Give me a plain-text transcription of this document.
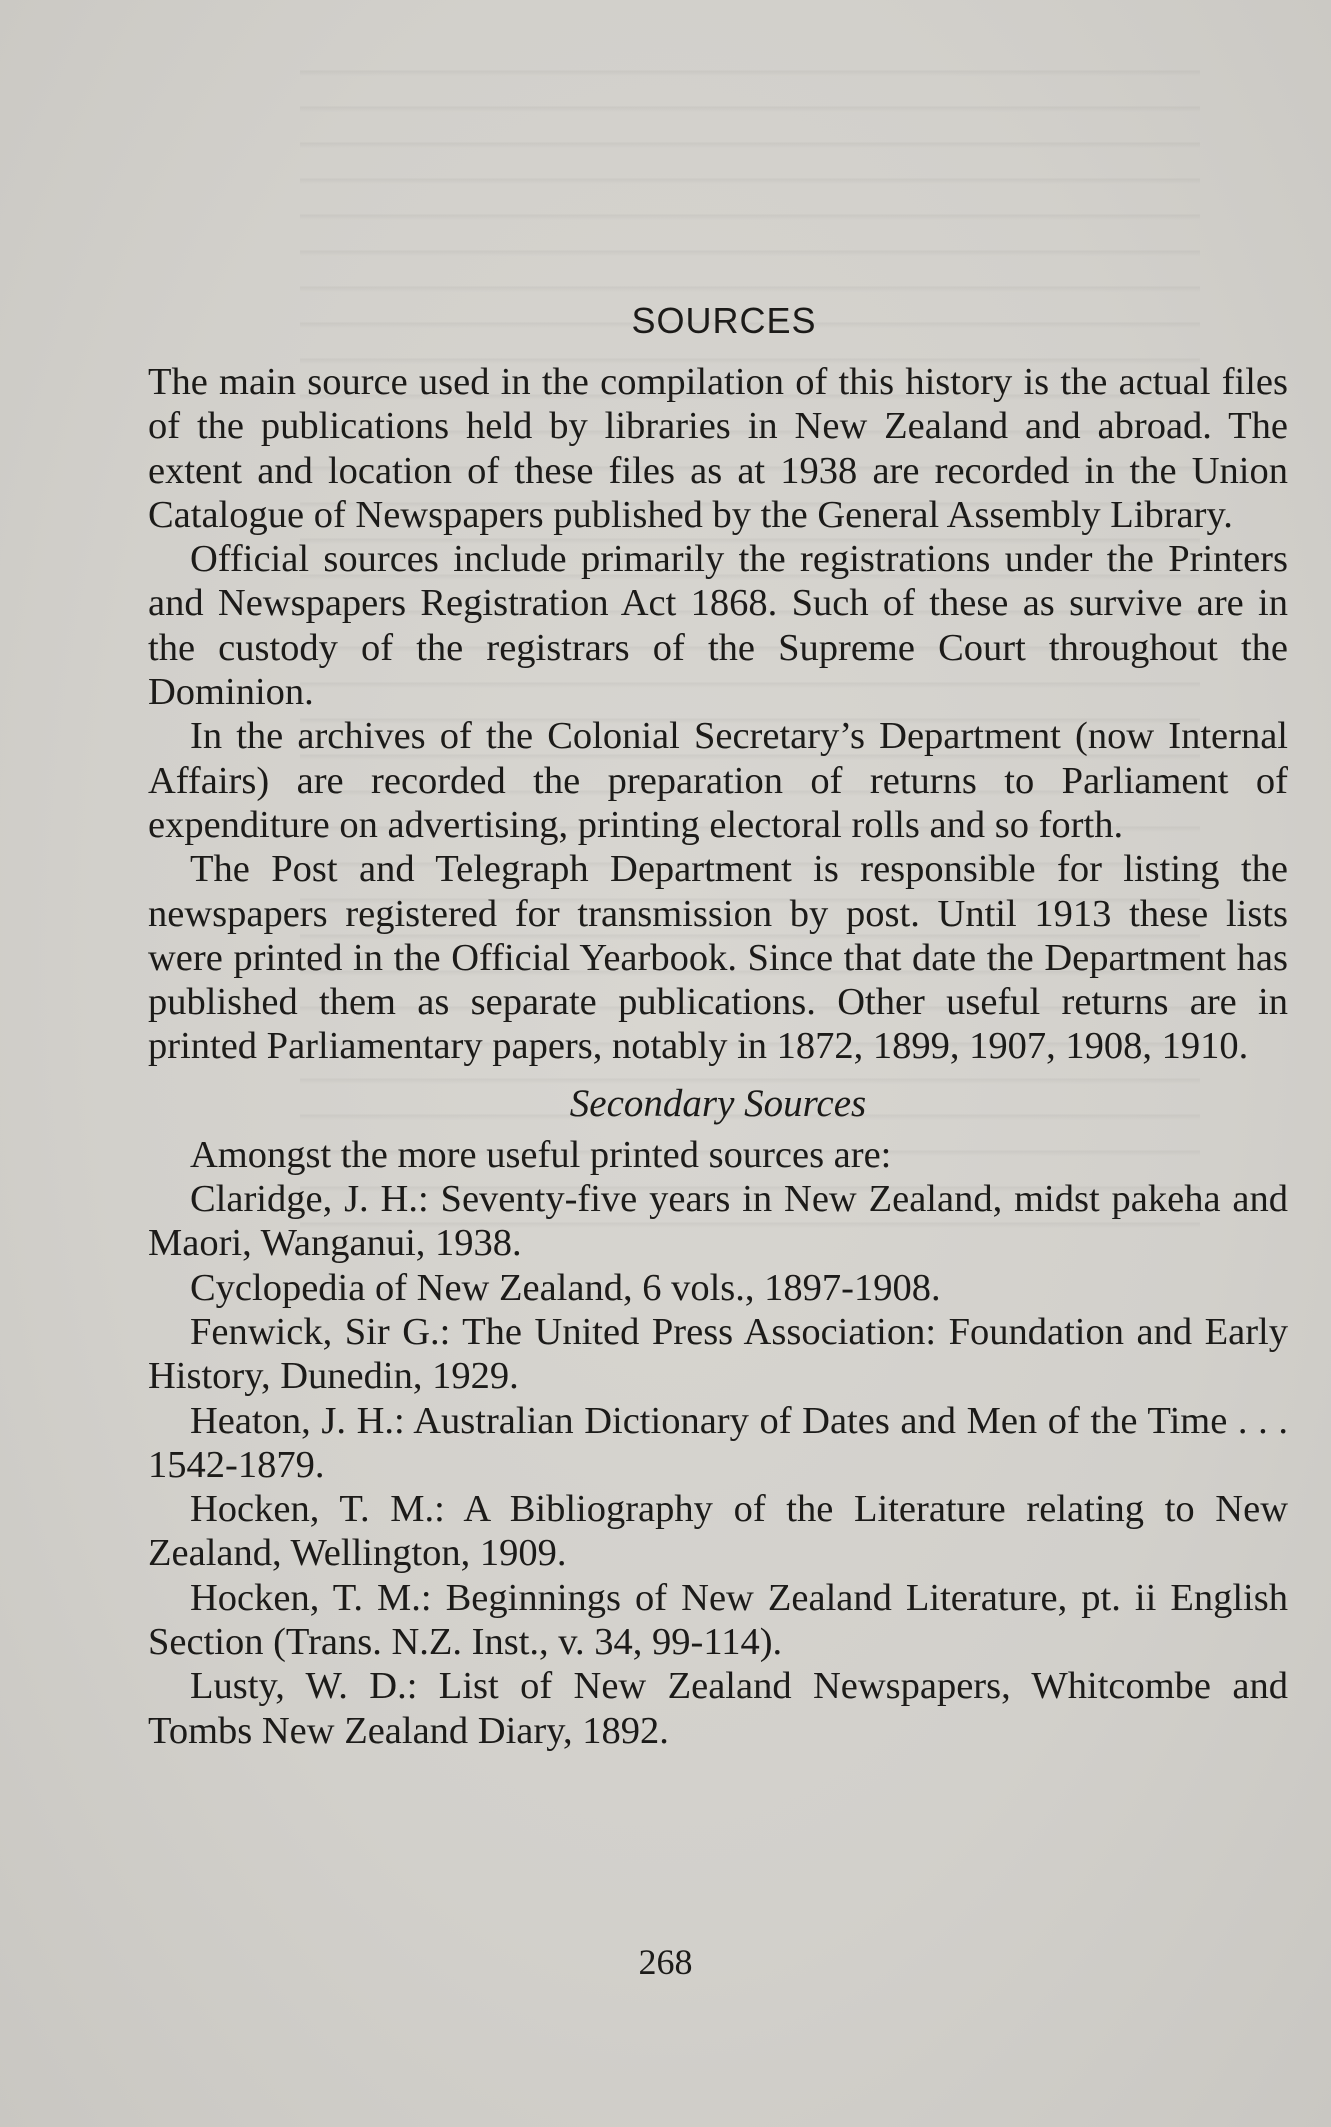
SOURCES

The main source used in the compilation of this history is the actual files of the publications held by libraries in New Zealand and abroad. The extent and location of these files as at 1938 are recorded in the Union Catalogue of Newspapers published by the General Assembly Library.

Official sources include primarily the registrations under the Printers and Newspapers Registration Act 1868. Such of these as survive are in the custody of the registrars of the Supreme Court throughout the Dominion.

In the archives of the Colonial Secretary’s Department (now Internal Affairs) are recorded the preparation of returns to Parliament of expenditure on advertising, printing electoral rolls and so forth.

The Post and Telegraph Department is responsible for listing the newspapers registered for transmission by post. Until 1913 these lists were printed in the Official Yearbook. Since that date the Department has published them as separate publications. Other useful returns are in printed Parliamentary papers, notably in 1872, 1899, 1907, 1908, 1910.

Secondary Sources

Amongst the more useful printed sources are:

Claridge, J. H.: Seventy-five years in New Zealand, midst pakeha and Maori, Wanganui, 1938.

Cyclopedia of New Zealand, 6 vols., 1897-1908.

Fenwick, Sir G.: The United Press Association: Foundation and Early History, Dunedin, 1929.

Heaton, J. H.: Australian Dictionary of Dates and Men of the Time . . . 1542-1879.

Hocken, T. M.: A Bibliography of the Literature relating to New Zealand, Wellington, 1909.

Hocken, T. M.: Beginnings of New Zealand Literature, pt. ii English Section (Trans. N.Z. Inst., v. 34, 99-114).

Lusty, W. D.: List of New Zealand Newspapers, Whitcombe and Tombs New Zealand Diary, 1892.

268
